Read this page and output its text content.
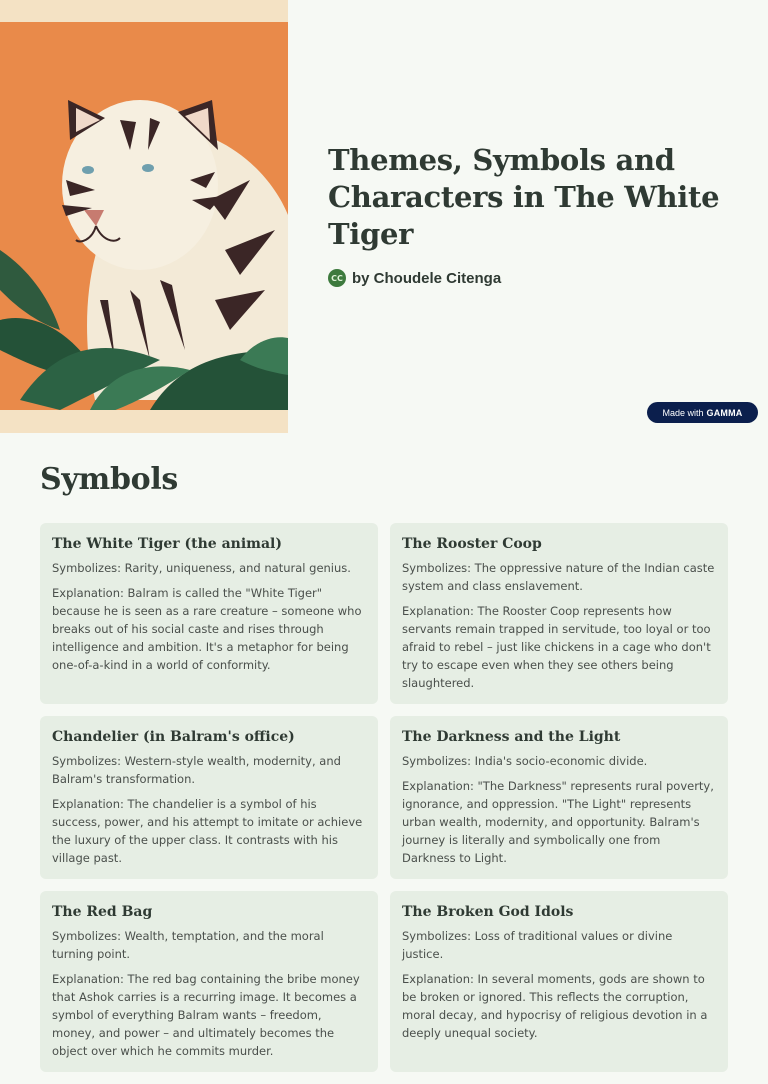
Themes, Symbols and Characters in The White Tiger
CC by Choudele Citenga
Made with GAMMA
Symbols
The White Tiger (the animal)

Symbolizes: Rarity, uniqueness, and natural genius.

Explanation: Balram is called the "White Tiger" because he is seen as a rare creature – someone who breaks out of his social caste and rises through intelligence and ambition. It's a metaphor for being one-of-a-kind in a world of conformity.

The Rooster Coop

Symbolizes: The oppressive nature of the Indian caste system and class enslavement.

Explanation: The Rooster Coop represents how servants remain trapped in servitude, too loyal or too afraid to rebel – just like chickens in a cage who don't try to escape even when they see others being slaughtered.

Chandelier (in Balram's office)

Symbolizes: Western-style wealth, modernity, and Balram's transformation.

Explanation: The chandelier is a symbol of his success, power, and his attempt to imitate or achieve the luxury of the upper class. It contrasts with his village past.

The Darkness and the Light

Symbolizes: India's socio-economic divide.

Explanation: "The Darkness" represents rural poverty, ignorance, and oppression. "The Light" represents urban wealth, modernity, and opportunity. Balram's journey is literally and symbolically one from Darkness to Light.

The Red Bag

Symbolizes: Wealth, temptation, and the moral turning point.

Explanation: The red bag containing the bribe money that Ashok carries is a recurring image. It becomes a symbol of everything Balram wants – freedom, money, and power – and ultimately becomes the object over which he commits murder.

The Broken God Idols

Symbolizes: Loss of traditional values or divine justice.

Explanation: In several moments, gods are shown to be broken or ignored. This reflects the corruption, moral decay, and hypocrisy of religious devotion in a deeply unequal society.
